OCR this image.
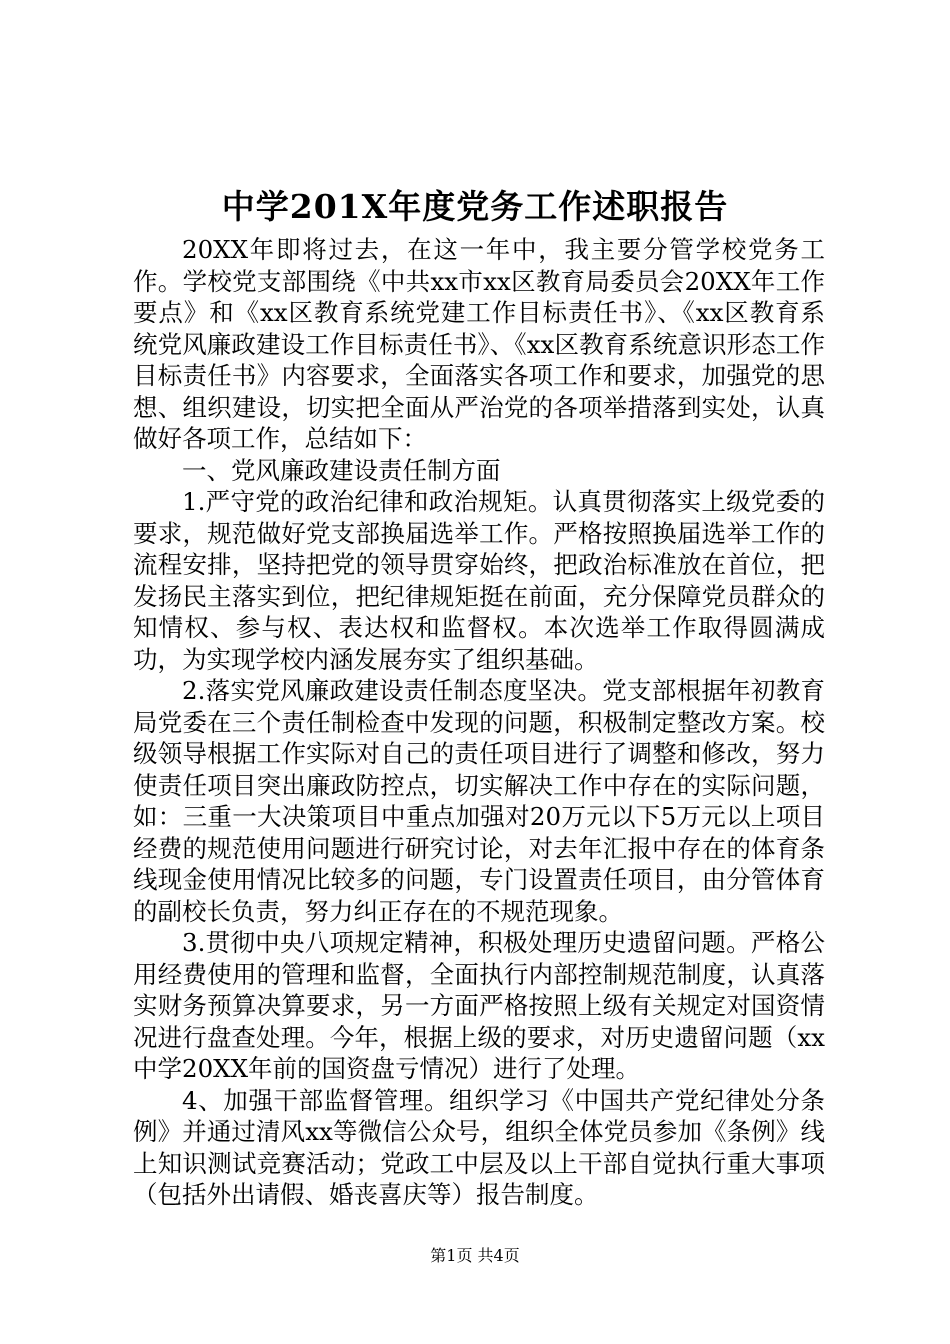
中学201X年度党务工作述职报告

20XX年即将过去，在这一年中，我主要分管学校党务工作。学校党支部围绕《中共xx市xx区教育局委员会20XX年工作要点》和《xx区教育系统党建工作目标责任书》、《xx区教育系统党风廉政建设工作目标责任书》、《xx区教育系统意识形态工作目标责任书》内容要求，全面落实各项工作和要求，加强党的思想、组织建设，切实把全面从严治党的各项举措落到实处，认真做好各项工作，总结如下：

一、党风廉政建设责任制方面

1.严守党的政治纪律和政治规矩。认真贯彻落实上级党委的要求，规范做好党支部换届选举工作。严格按照换届选举工作的流程安排，坚持把党的领导贯穿始终，把政治标准放在首位，把发扬民主落实到位，把纪律规矩挺在前面，充分保障党员群众的知情权、参与权、表达权和监督权。本次选举工作取得圆满成功，为实现学校内涵发展夯实了组织基础。

2.落实党风廉政建设责任制态度坚决。党支部根据年初教育局党委在三个责任制检查中发现的问题，积极制定整改方案。校级领导根据工作实际对自己的责任项目进行了调整和修改，努力使责任项目突出廉政防控点，切实解决工作中存在的实际问题，如：三重一大决策项目中重点加强对20万元以下5万元以上项目经费的规范使用问题进行研究讨论，对去年汇报中存在的体育条线现金使用情况比较多的问题，专门设置责任项目，由分管体育的副校长负责，努力纠正存在的不规范现象。

3.贯彻中央八项规定精神，积极处理历史遗留问题。严格公用经费使用的管理和监督，全面执行内部控制规范制度，认真落实财务预算决算要求，另一方面严格按照上级有关规定对国资情况进行盘查处理。今年，根据上级的要求，对历史遗留问题（xx中学20XX年前的国资盘亏情况）进行了处理。

4、加强干部监督管理。组织学习《中国共产党纪律处分条例》并通过清风xx等微信公众号，组织全体党员参加《条例》线上知识测试竞赛活动；党政工中层及以上干部自觉执行重大事项（包括外出请假、婚丧喜庆等）报告制度。

第1页 共4页
